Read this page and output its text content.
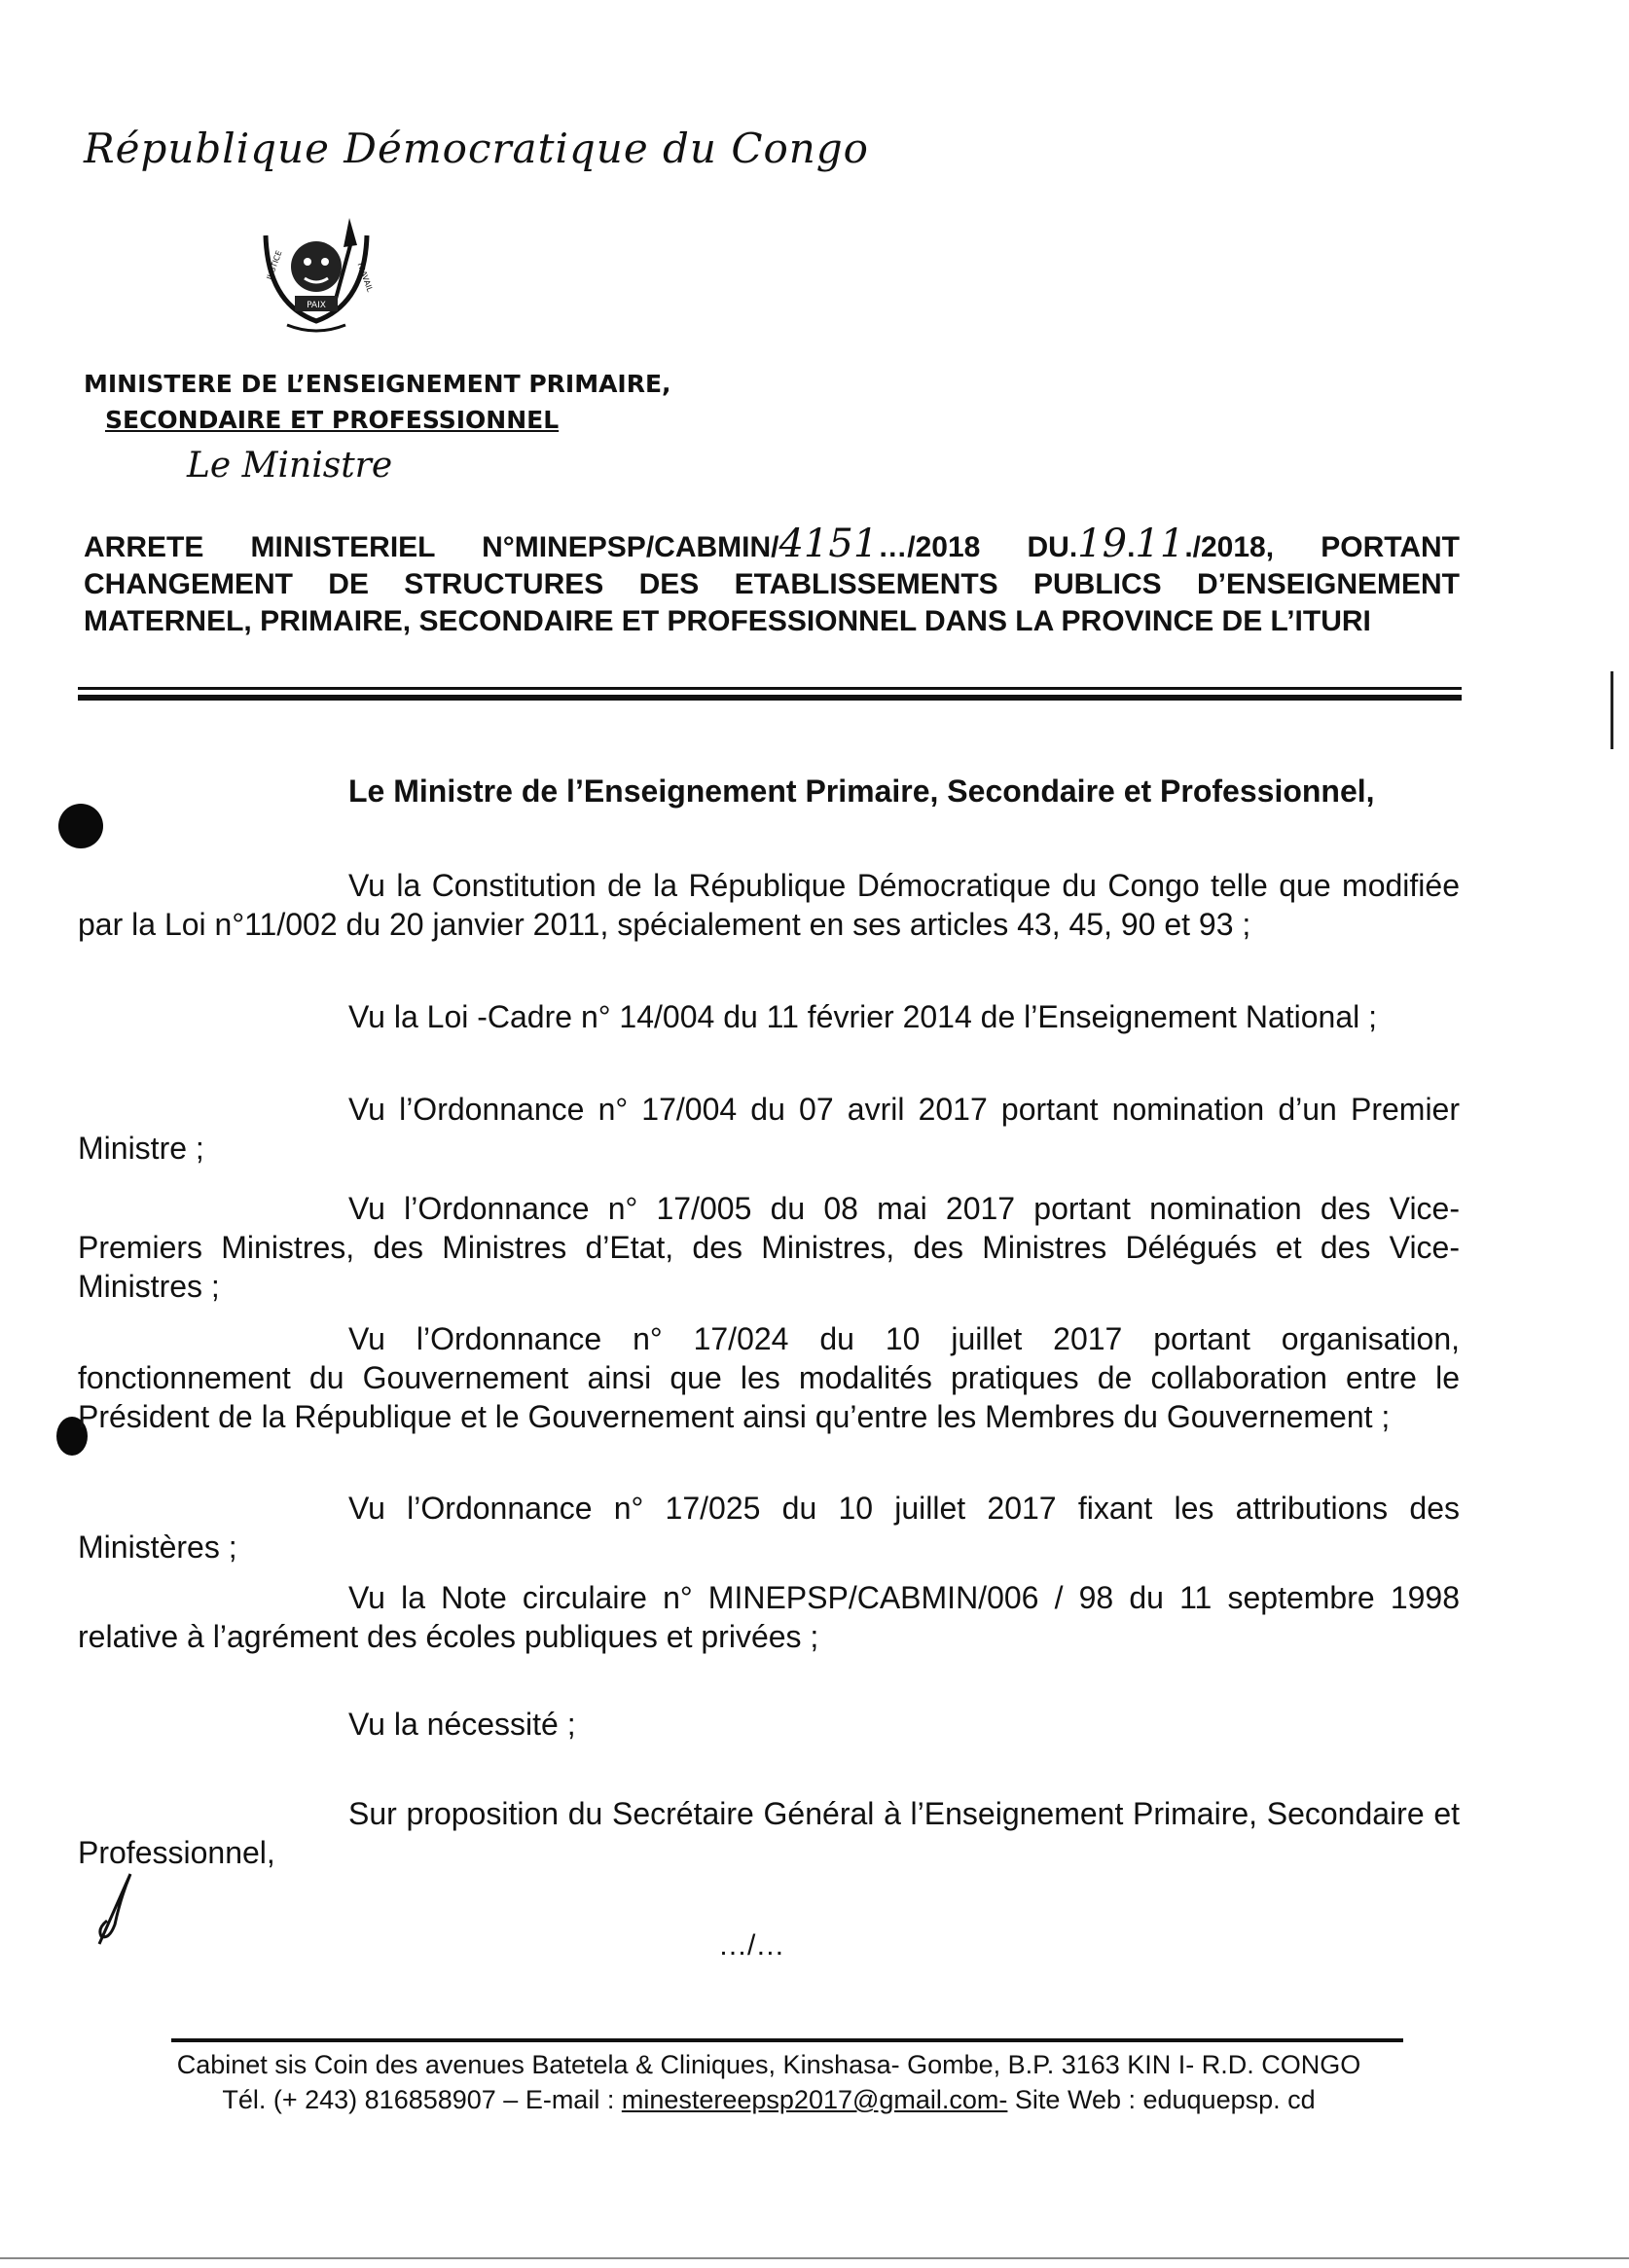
République Démocratique du Congo
PAIX
JUSTICE	TRAVAIL
MINISTERE DE L’ENSEIGNEMENT PRIMAIRE,
SECONDAIRE ET PROFESSIONNEL
Le Ministre
ARRETE MINISTERIEL N°MINEPSP/CABMIN/4151…/2018 DU.19.11./2018, PORTANT CHANGEMENT DE STRUCTURES DES ETABLISSEMENTS PUBLICS D’ENSEIGNEMENT MATERNEL, PRIMAIRE, SECONDAIRE ET PROFESSIONNEL DANS LA PROVINCE DE L’ITURI
Le Ministre de l’Enseignement Primaire, Secondaire et Professionnel,
Vu la Constitution de la République Démocratique du Congo telle que modifiée par la Loi n°11/002 du 20 janvier 2011, spécialement en ses articles 43, 45, 90 et 93 ;
Vu la Loi -Cadre n° 14/004 du 11 février 2014 de l’Enseignement National ;
Vu l’Ordonnance n° 17/004 du 07 avril 2017 portant nomination d’un Premier Ministre ;
Vu l’Ordonnance n° 17/005 du 08 mai 2017 portant nomination des Vice-Premiers Ministres, des Ministres d’Etat, des Ministres, des Ministres Délégués et des Vice-Ministres ;
Vu l’Ordonnance n° 17/024 du 10 juillet 2017 portant organisation, fonctionnement du Gouvernement ainsi que les modalités pratiques de collaboration entre le Président de la République et le Gouvernement ainsi qu’entre les Membres du Gouvernement ;
Vu l’Ordonnance n° 17/025 du 10 juillet 2017 fixant les attributions des Ministères ;
Vu la Note circulaire n° MINEPSP/CABMIN/006 / 98 du 11 septembre 1998 relative à l’agrément des écoles publiques et privées ;
Vu la nécessité ;
Sur proposition du Secrétaire Général à l’Enseignement Primaire, Secondaire et Professionnel,
…/…
Cabinet sis Coin des avenues Batetela & Cliniques, Kinshasa- Gombe, B.P. 3163 KIN I- R.D. CONGO
Tél. (+ 243) 816858907 – E-mail : minestereepsp2017@gmail.com- Site Web : eduquepsp. cd
